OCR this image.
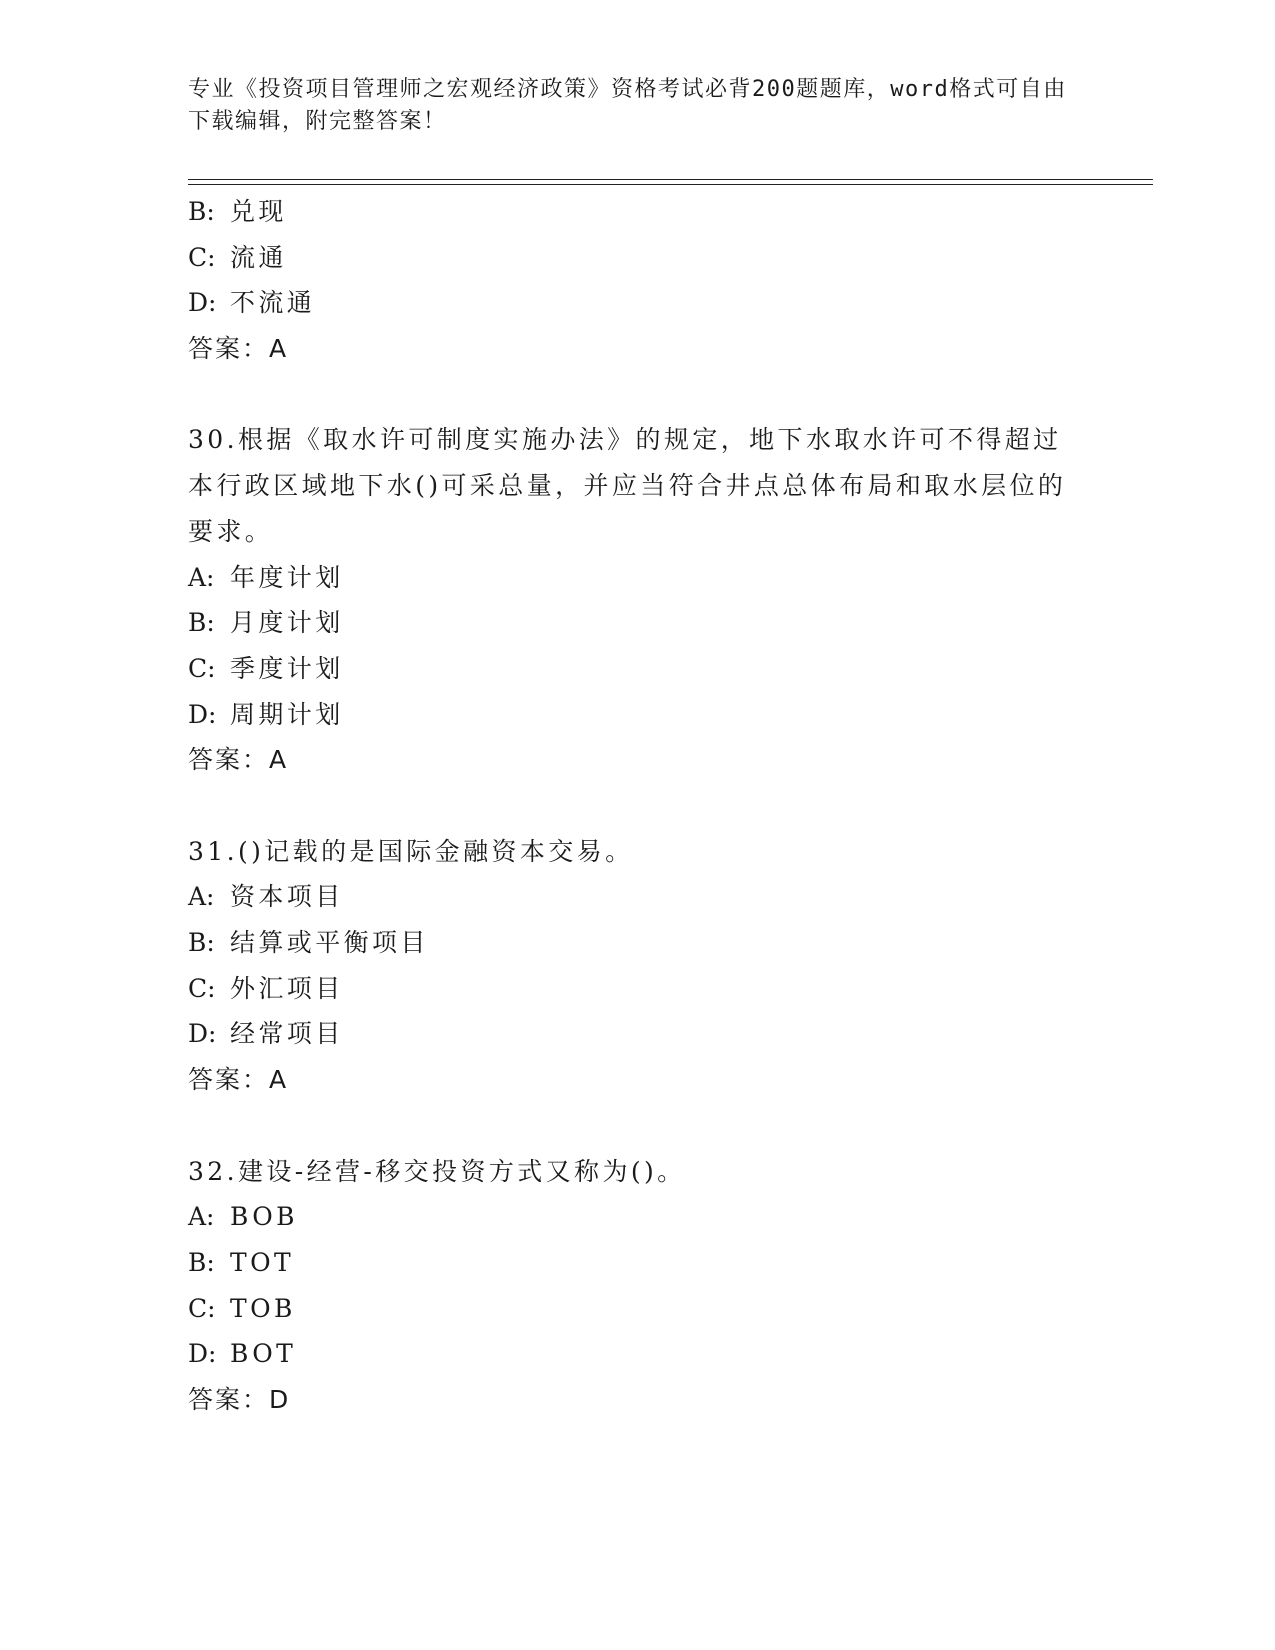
专业《投资项目管理师之宏观经济政策》资格考试必背200题题库，word格式可自由下载编辑，附完整答案！
B: 兑现
C: 流通
D: 不流通
答案：A
30.根据《取水许可制度实施办法》的规定，地下水取水许可不得超过本行政区域地下水()可采总量，并应当符合井点总体布局和取水层位的要求。
A: 年度计划
B: 月度计划
C: 季度计划
D: 周期计划
答案：A
31.()记载的是国际金融资本交易。
A: 资本项目
B: 结算或平衡项目
C: 外汇项目
D: 经常项目
答案：A
32.建设-经营-移交投资方式又称为()。
A: BOB
B: TOT
C: TOB
D: BOT
答案：D
